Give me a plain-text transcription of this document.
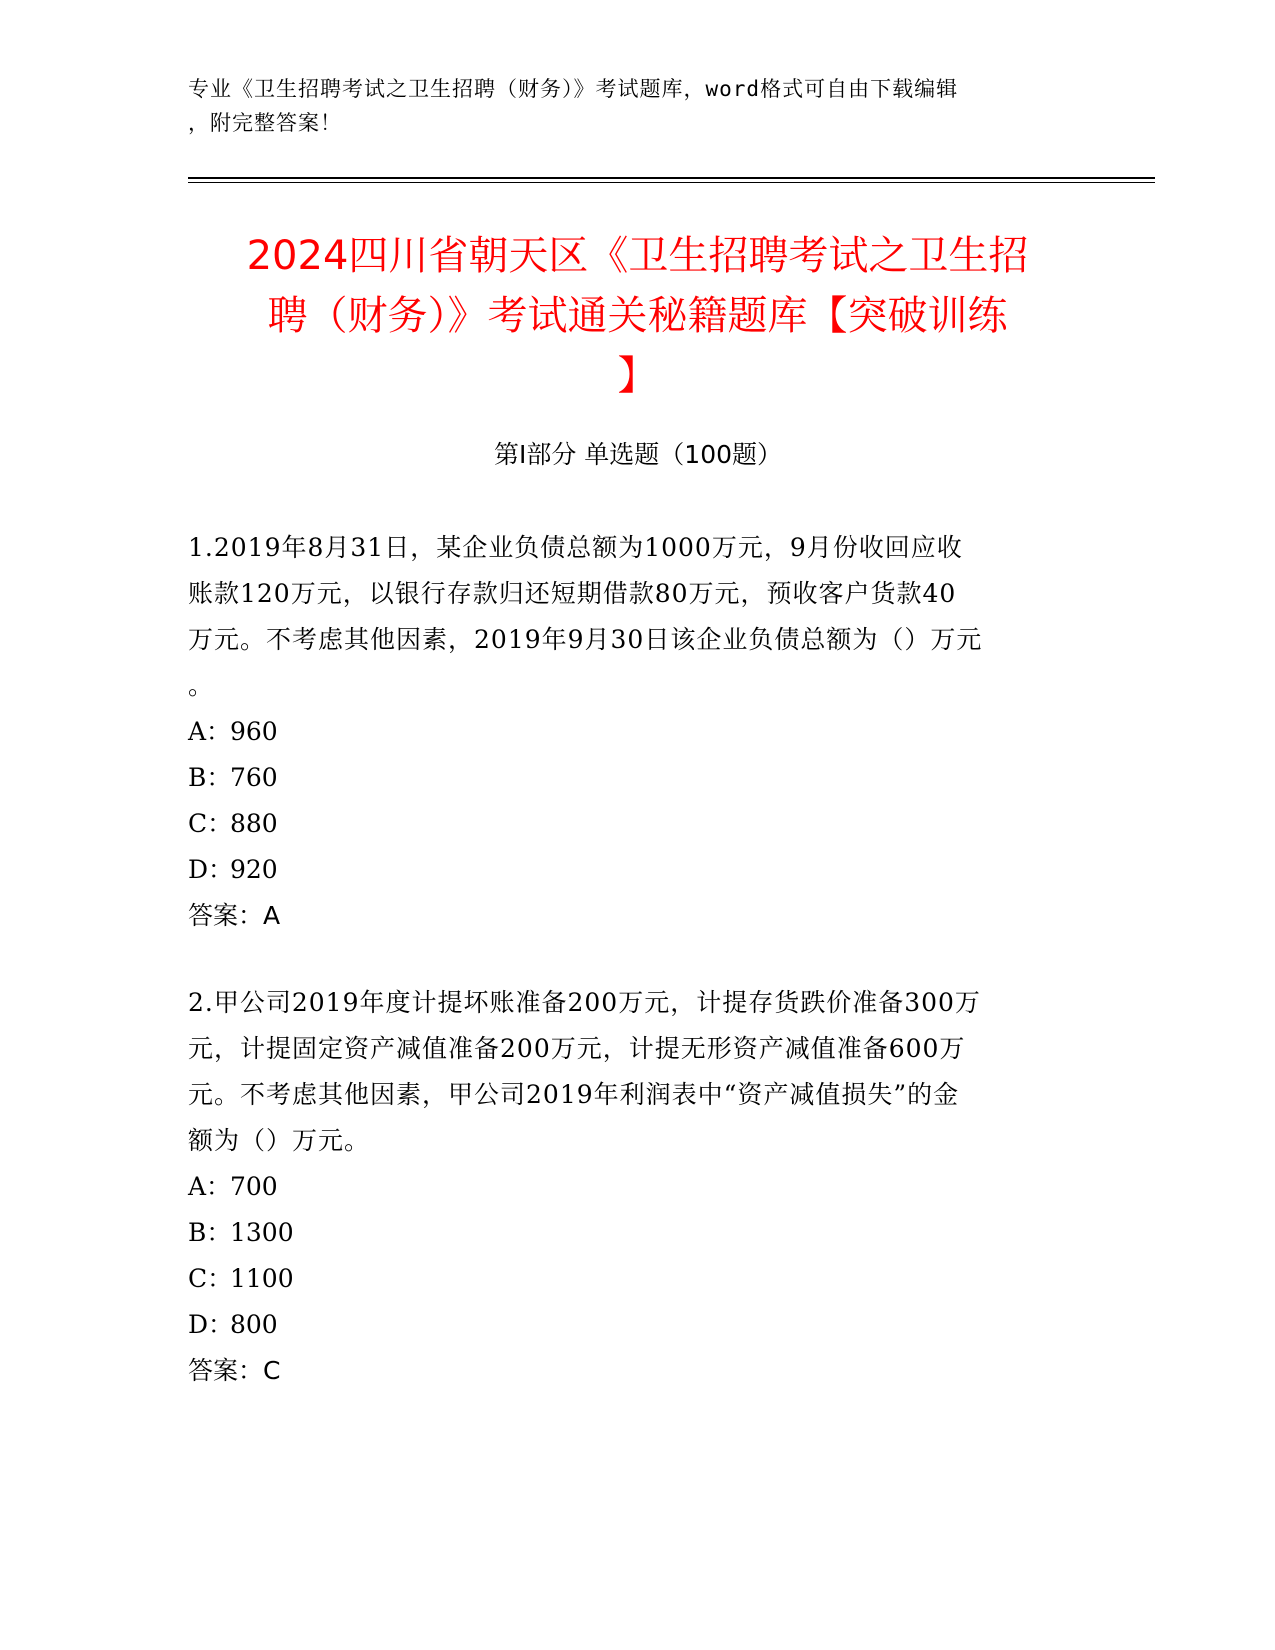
专业《卫生招聘考试之卫生招聘（财务）》考试题库，word格式可自由下载编辑
，附完整答案！
2024四川省朝天区《卫生招聘考试之卫生招
聘（财务）》考试通关秘籍题库【突破训练
】
第I部分 单选题（100题）
1.2019年8月31日，某企业负债总额为1000万元，9月份收回应收
账款120万元，以银行存款归还短期借款80万元，预收客户货款40
万元。不考虑其他因素，2019年9月30日该企业负债总额为（）万元
。
A：960
B：760
C：880
D：920
答案：A
2.甲公司2019年度计提坏账准备200万元，计提存货跌价准备300万
元，计提固定资产减值准备200万元，计提无形资产减值准备600万
元。不考虑其他因素，甲公司2019年利润表中“资产减值损失”的金
额为（）万元。
A：700
B：1300
C：1100
D：800
答案：C
